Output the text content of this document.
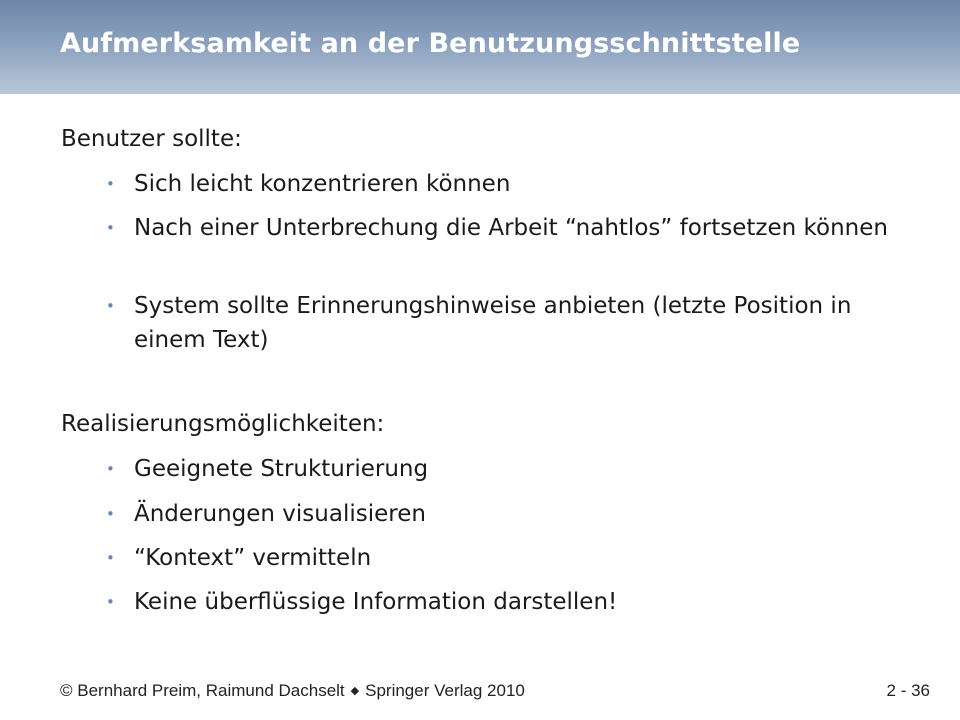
Aufmerksamkeit an der Benutzungsschnittstelle
Benutzer sollte:
• Sich leicht konzentrieren können
• Nach einer Unterbrechung die Arbeit “nahtlos” fortsetzen können
• System sollte Erinnerungshinweise anbieten (letzte Position in einem Text)
Realisierungsmöglichkeiten:
• Geeignete Strukturierung
• Änderungen visualisieren
• “Kontext” vermitteln
• Keine überflüssige Information darstellen!
© Bernhard Preim, Raimund Dachselt ◆ Springer Verlag 2010	2 - 36
